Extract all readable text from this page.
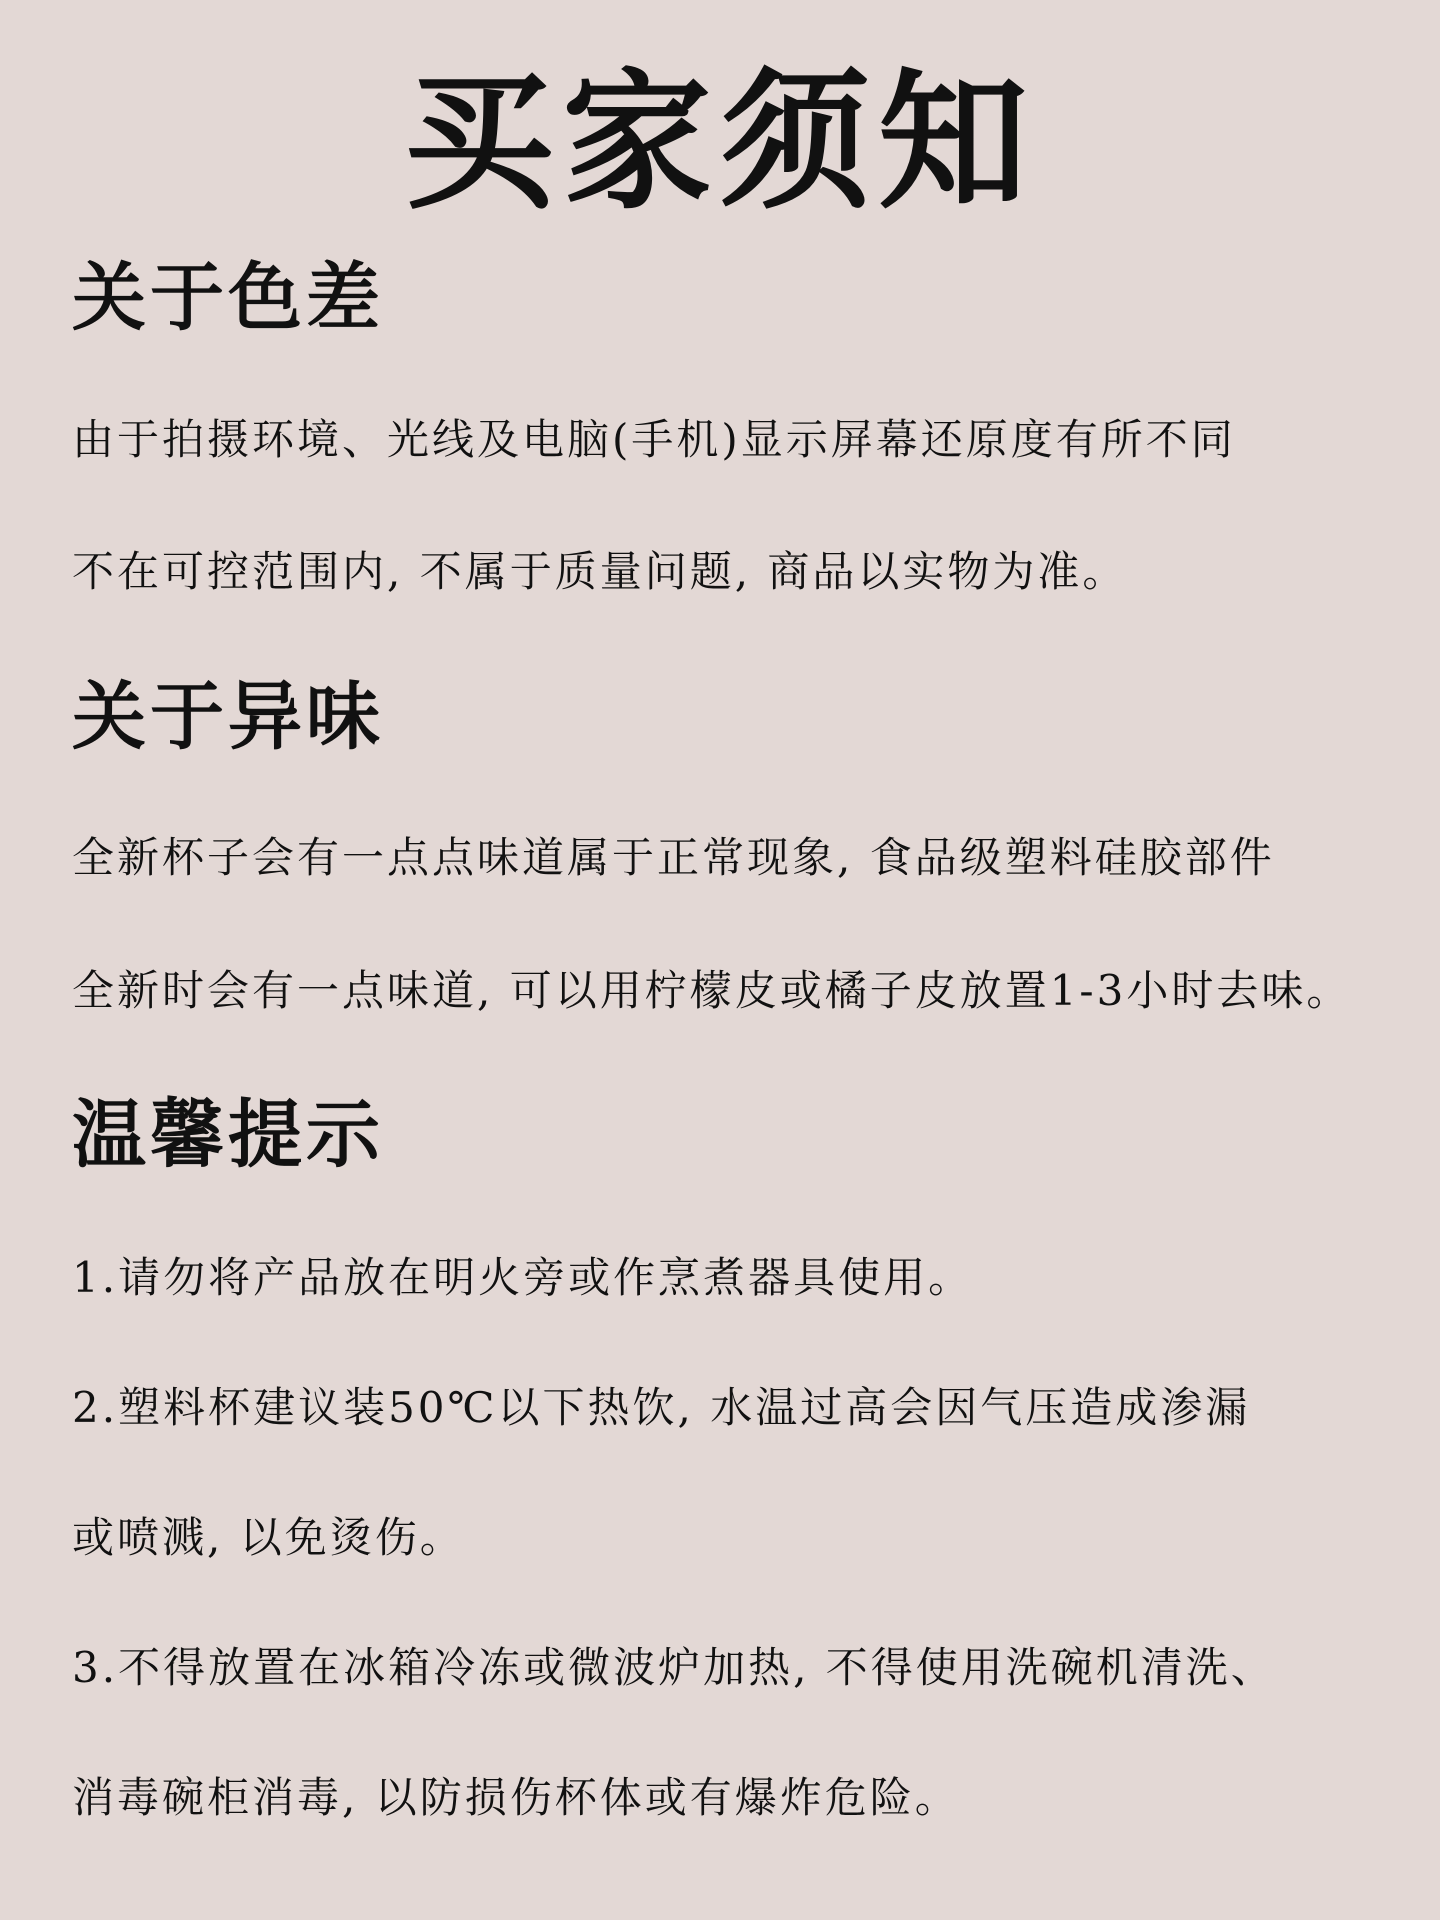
买家须知
关于色差

由于拍摄环境、光线及电脑(手机)显示屏幕还原度有所不同

不在可控范围内, 不属于质量问题, 商品以实物为准。

关于异味

全新杯子会有一点点味道属于正常现象, 食品级塑料硅胶部件

全新时会有一点味道, 可以用柠檬皮或橘子皮放置1-3小时去味。

温馨提示

1.请勿将产品放在明火旁或作烹煮器具使用。

2.塑料杯建议装50℃以下热饮, 水温过高会因气压造成渗漏

或喷溅, 以免烫伤。

3.不得放置在冰箱冷冻或微波炉加热, 不得使用洗碗机清洗、

消毒碗柜消毒, 以防损伤杯体或有爆炸危险。
